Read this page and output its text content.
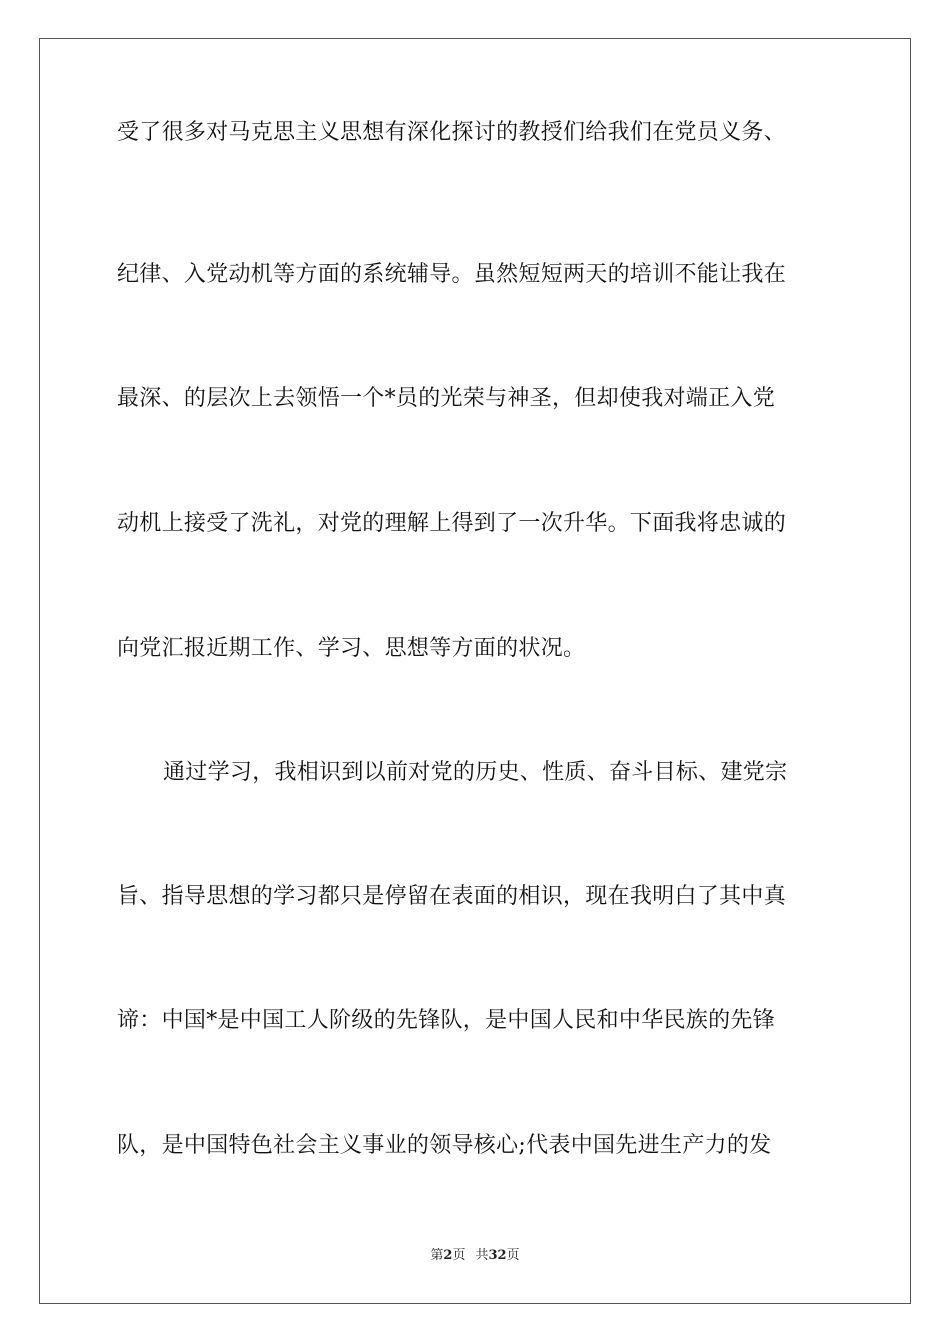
受了很多对马克思主义思想有深化探讨的教授们给我们在党员义务、
纪律、入党动机等方面的系统辅导。虽然短短两天的培训不能让我在
最深、的层次上去领悟一个*员的光荣与神圣，但却使我对端正入党
动机上接受了洗礼，对党的理解上得到了一次升华。下面我将忠诚的
向党汇报近期工作、学习、思想等方面的状况。
通过学习，我相识到以前对党的历史、性质、奋斗目标、建党宗
旨、指导思想的学习都只是停留在表面的相识，现在我明白了其中真
谛：中国*是中国工人阶级的先锋队，是中国人民和中华民族的先锋
队，是中国特色社会主义事业的领导核心;代表中国先进生产力的发
第2页 共32页
